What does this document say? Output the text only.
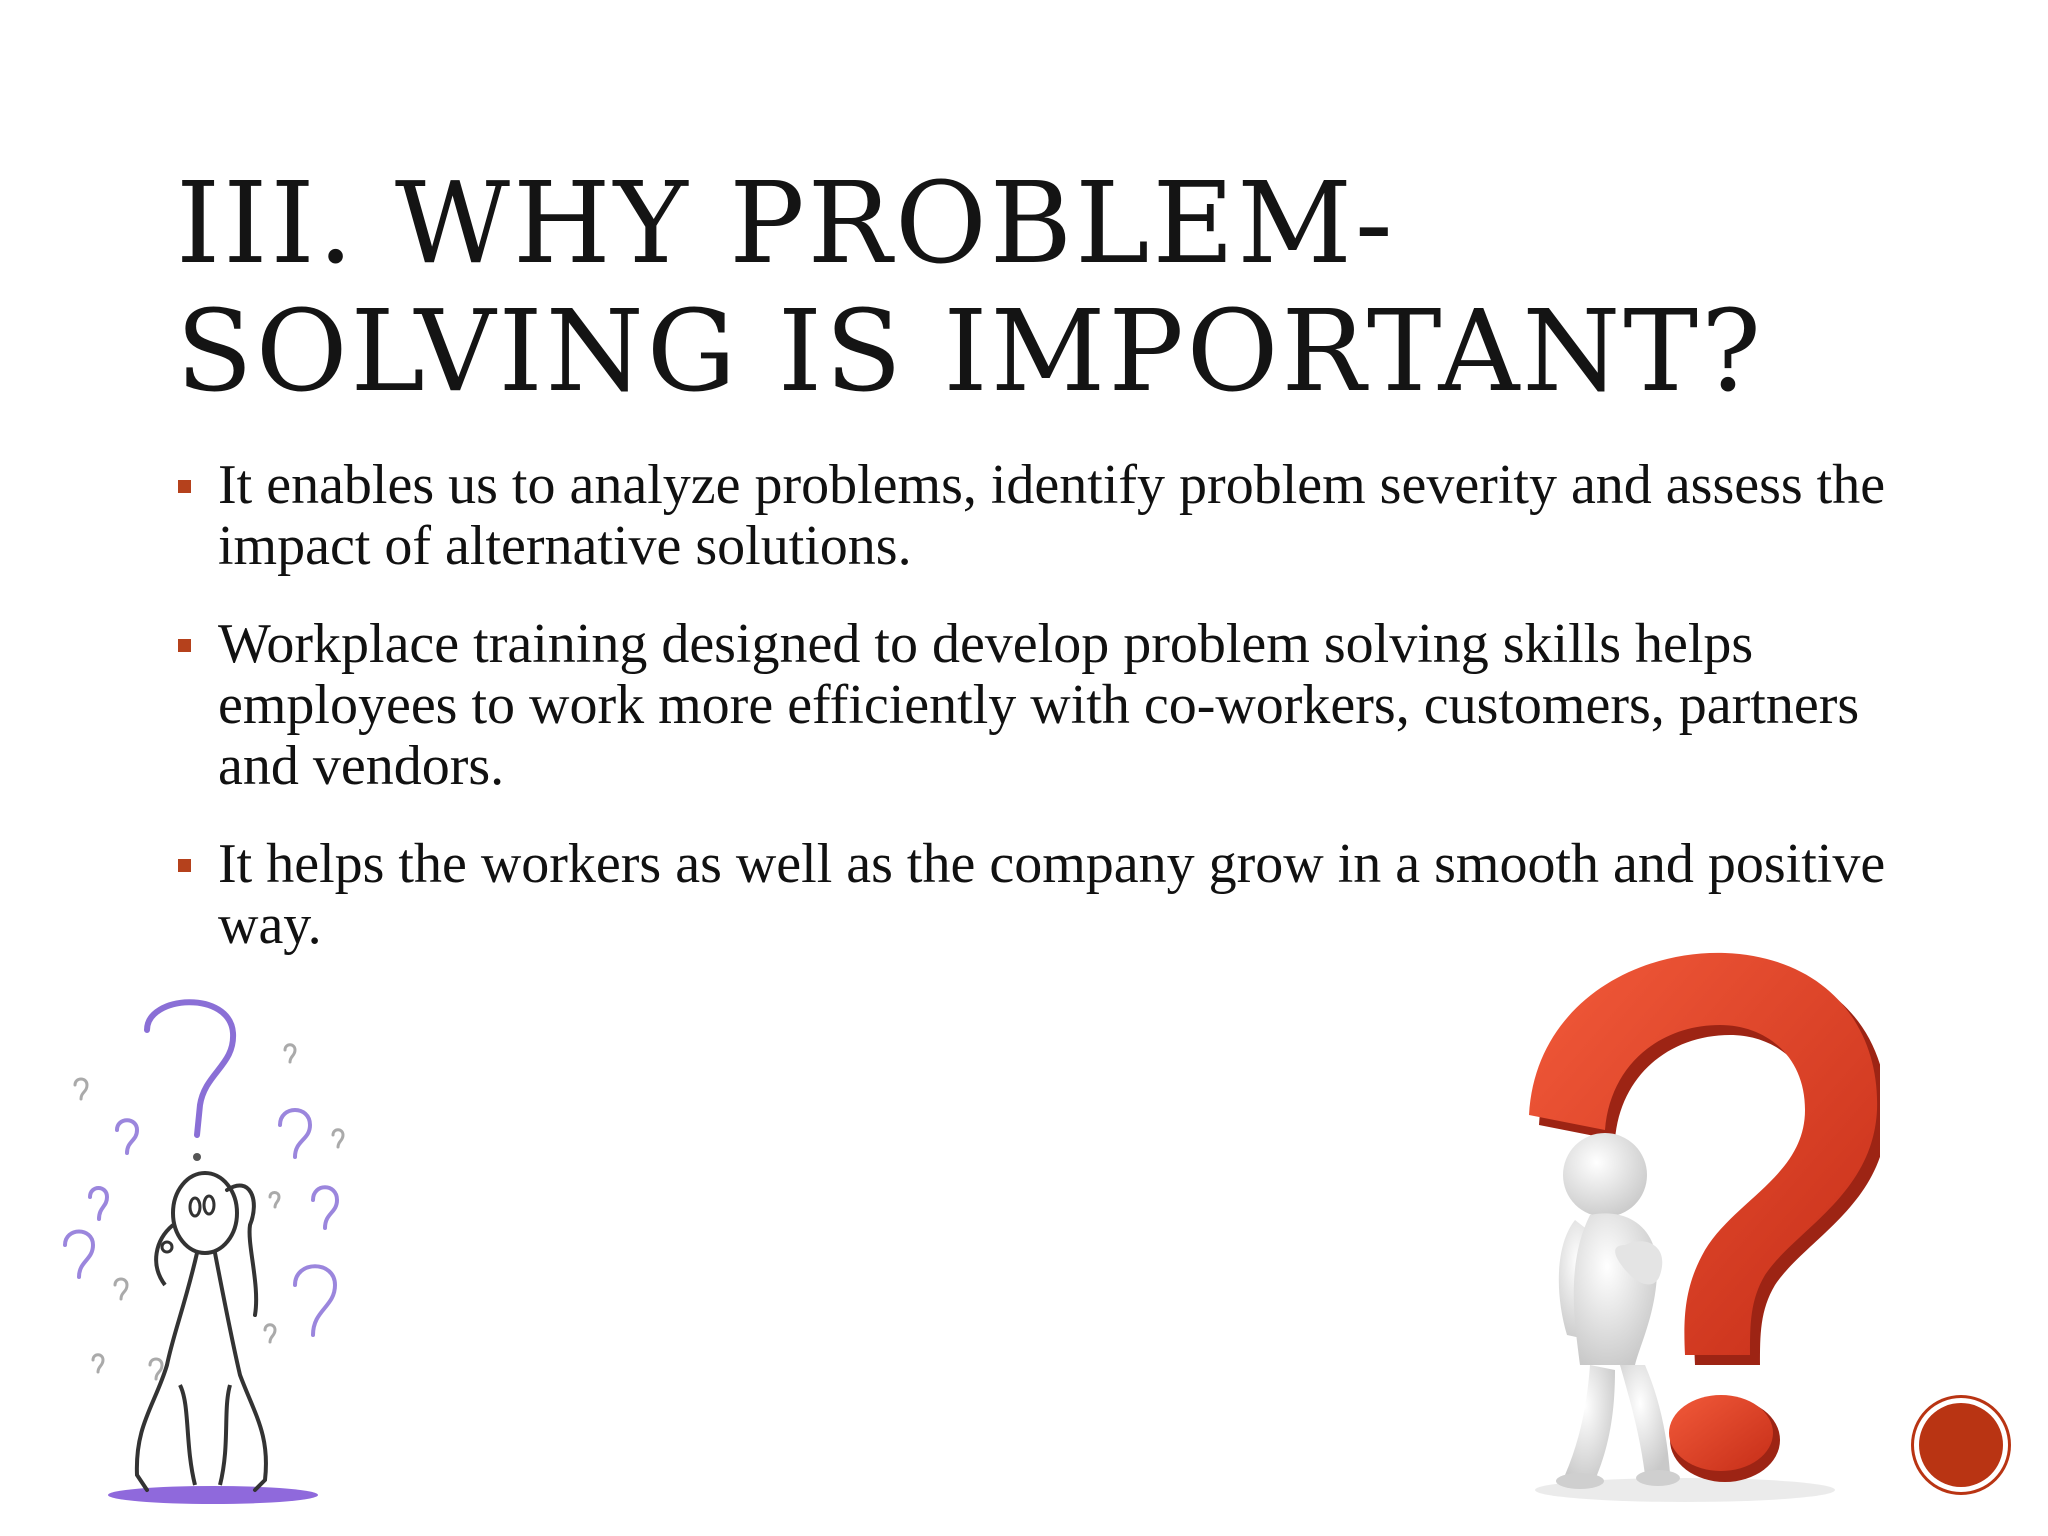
III. WHY PROBLEM-
SOLVING IS IMPORTANT?
It enables us to analyze problems, identify problem severity and assess the impact of alternative solutions.
Workplace training designed to develop problem solving skills helps employees to work more efficiently with co-workers, customers, partners and vendors.
It helps the workers as well as the company grow in a smooth and positive way.
